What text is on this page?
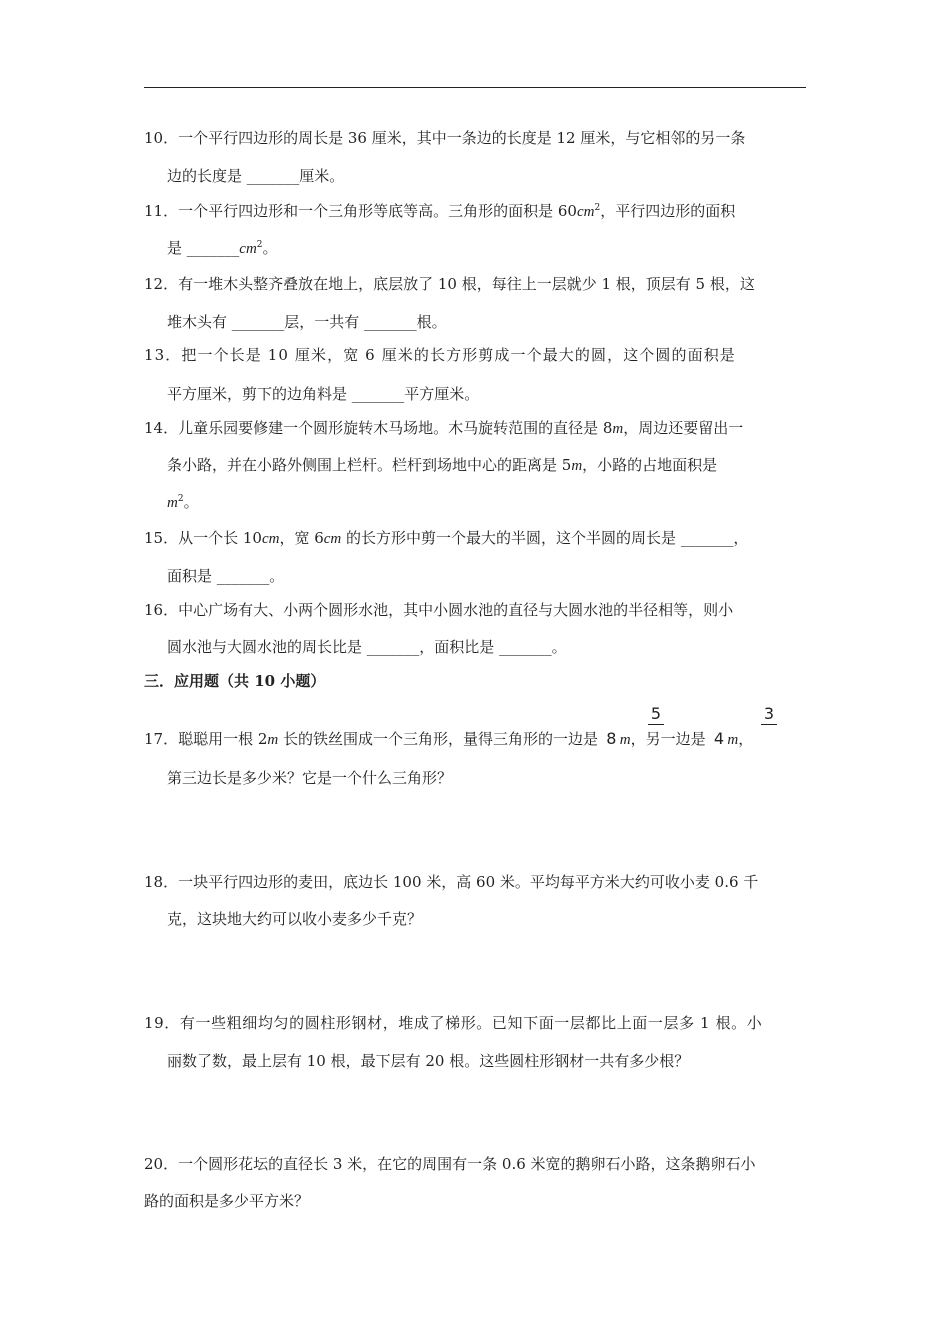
10．一个平行四边形的周长是 36 厘米，其中一条边的长度是 12 厘米，与它相邻的另一条
边的长度是 _______厘米。
11．一个平行四边形和一个三角形等底等高。三角形的面积是 $60cm^2$，平行四边形的面积
是 $\_\_\_\_\_\_\_cm^2$。
12．有一堆木头整齐叠放在地上，底层放了 10 根，每往上一层就少 1 根，顶层有 5 根，这
堆木头有 _______层，一共有 _______根。
13．把一个长是 10 厘米，宽 6 厘米的长方形剪成一个最大的圆，这个圆的面积是
平方厘米，剪下的边角料是 _______平方厘米。
14．儿童乐园要修建一个圆形旋转木马场地。木马旋转范围的直径是 8m，周边还要留出一
条小路，并在小路外侧围上栏杆。栏杆到场地中心的距离是 5m，小路的占地面积是
$m^2$。
15．从一个长 10cm，宽 6cm 的长方形中剪一个最大的半圆，这个半圆的周长是 _______，
面积是 _______。
16．中心广场有大、小两个圆形水池，其中小圆水池的直径与大圆水池的半径相等，则小
圆水池与大圆水池的周长比是 _______，面积比是 _______。
三．应用题（共 10 小题）
5	3
17．聪聪用一根 2m 长的铁丝围成一个三角形，量得三角形的一边是 8 m，另一边是 4 m，
第三边长是多少米？它是一个什么三角形？
18．一块平行四边形的麦田，底边长 100 米，高 60 米。平均每平方米大约可收小麦 0.6 千
克，这块地大约可以收小麦多少千克？
19．有一些粗细均匀的圆柱形钢材，堆成了梯形。已知下面一层都比上面一层多 1 根。小
丽数了数，最上层有 10 根，最下层有 20 根。这些圆柱形钢材一共有多少根？
20．一个圆形花坛的直径长 3 米，在它的周围有一条 0.6 米宽的鹅卵石小路，这条鹅卵石小
路的面积是多少平方米？
